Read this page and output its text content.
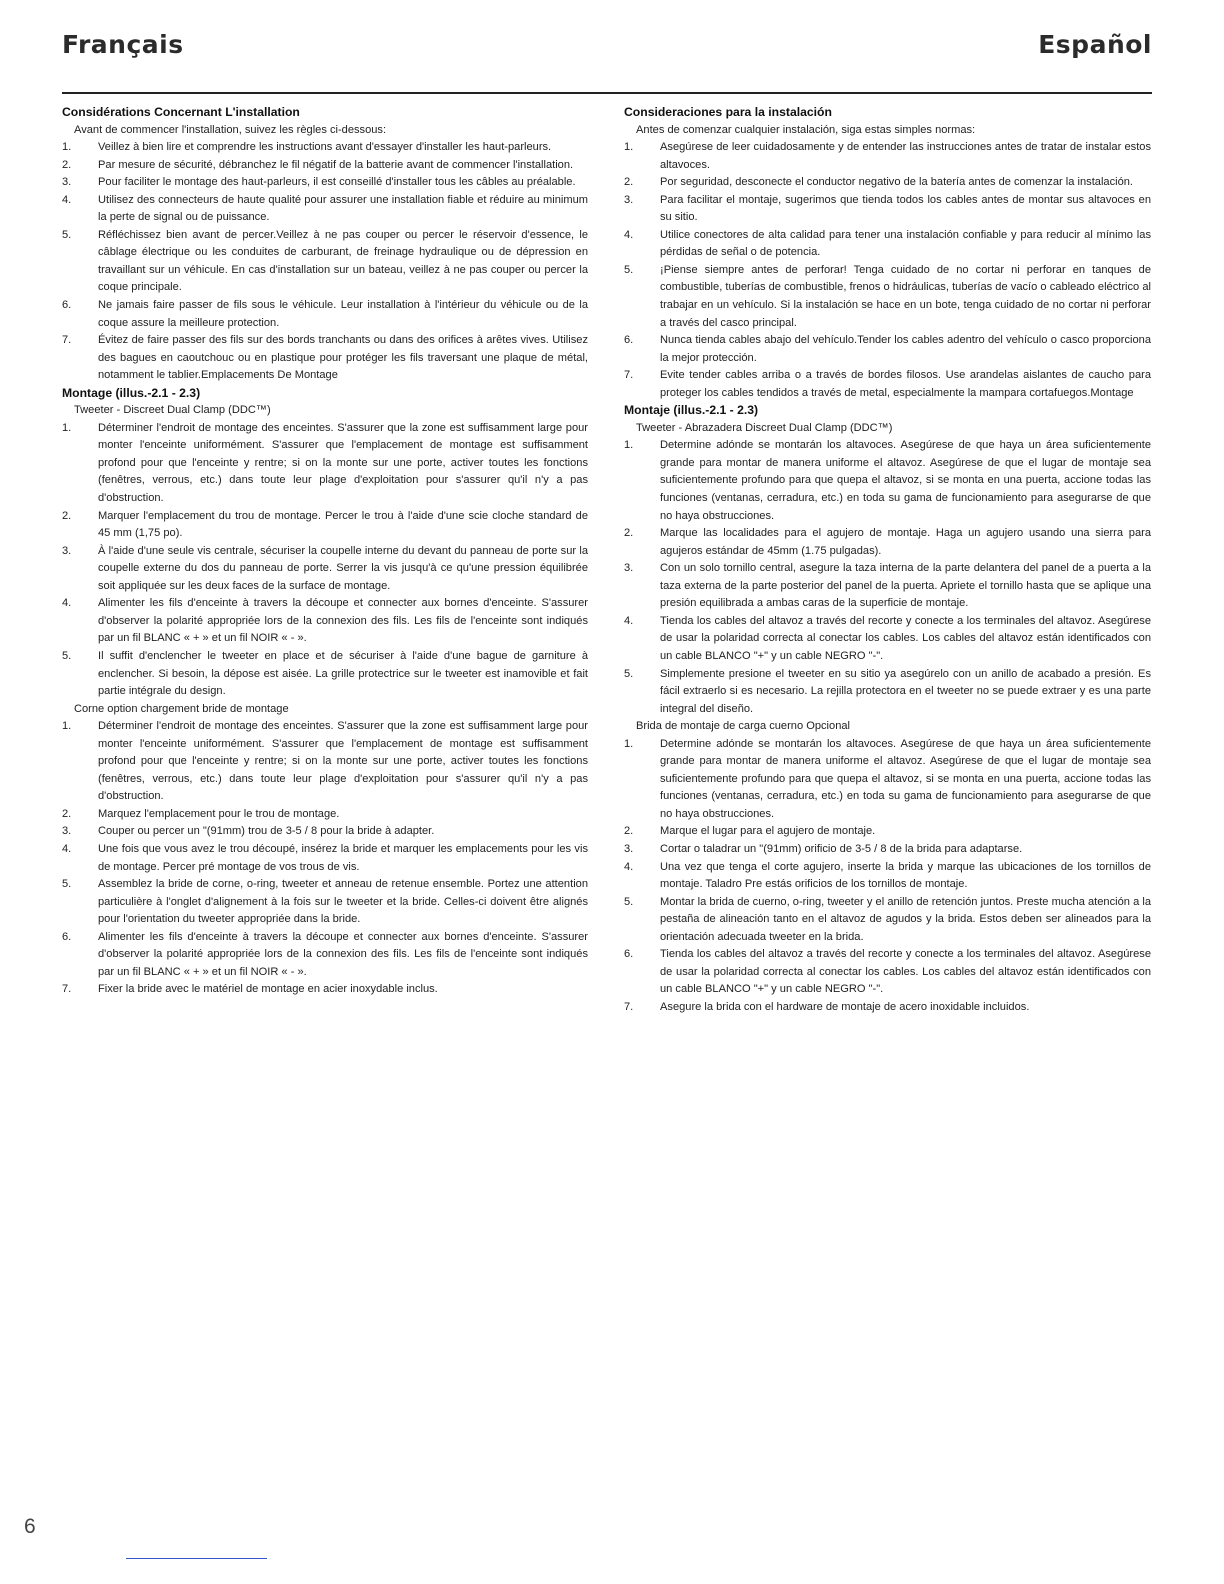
Français	Español
Considérations Concernant L'installation

Avant de commencer l'installation, suivez les règles ci-dessous:

1. Veillez à bien lire et comprendre les instructions avant d'essayer d'installer les haut-parleurs.
2. Par mesure de sécurité, débranchez le fil négatif de la batterie avant de commencer l'installation.
3. Pour faciliter le montage des haut-parleurs, il est conseillé d'installer tous les câbles au préalable.
4. Utilisez des connecteurs de haute qualité pour assurer une installation fiable et réduire au minimum la perte de signal ou de puissance.
5. Réfléchissez bien avant de percer.Veillez à ne pas couper ou percer le réservoir d'essence, le câblage électrique ou les conduites de carburant, de freinage hydraulique ou de dépression en travaillant sur un véhicule. En cas d'installation sur un bateau, veillez à ne pas couper ou percer la coque principale.
6. Ne jamais faire passer de fils sous le véhicule. Leur installation à l'intérieur du véhicule ou de la coque assure la meilleure protection.
7. Évitez de faire passer des fils sur des bords tranchants ou dans des orifices à arêtes vives. Utilisez des bagues en caoutchouc ou en plastique pour protéger les fils traversant une plaque de métal, notamment le tablier.Emplacements De Montage
Montage (illus.-2.1 - 2.3)

Tweeter - Discreet Dual Clamp (DDC™)

1. Déterminer l'endroit de montage des enceintes. S'assurer que la zone est suffisamment large pour monter l'enceinte uniformément. S'assurer que l'emplacement de montage est suffisamment profond pour que l'enceinte y rentre; si on la monte sur une porte, activer toutes les fonctions (fenêtres, verrous, etc.) dans toute leur plage d'exploitation pour s'assurer qu'il n'y a pas d'obstruction.
2. Marquer l'emplacement du trou de montage. Percer le trou à l'aide d'une scie cloche standard de 45 mm (1,75 po).
3. À l'aide d'une seule vis centrale, sécuriser la coupelle interne du devant du panneau de porte sur la coupelle externe du dos du panneau de porte. Serrer la vis jusqu'à ce qu'une pression équilibrée soit appliquée sur les deux faces de la surface de montage.
4. Alimenter les fils d'enceinte à travers la découpe et connecter aux bornes d'enceinte. S'assurer d'observer la polarité appropriée lors de la connexion des fils. Les fils de l'enceinte sont indiqués par un fil BLANC « + » et un fil NOIR « - ».
5. Il suffit d'enclencher le tweeter en place et de sécuriser à l'aide d'une bague de garniture à enclencher. Si besoin, la dépose est aisée. La grille protectrice sur le tweeter est inamovible et fait partie intégrale du design.

Corne option chargement bride de montage

1. Déterminer l'endroit de montage des enceintes. S'assurer que la zone est suffisamment large pour monter l'enceinte uniformément. S'assurer que l'emplacement de montage est suffisamment profond pour que l'enceinte y rentre; si on la monte sur une porte, activer toutes les fonctions (fenêtres, verrous, etc.) dans toute leur plage d'exploitation pour s'assurer qu'il n'y a pas d'obstruction.
2. Marquez l'emplacement pour le trou de montage.
3. Couper ou percer un "(91mm) trou de 3-5 / 8 pour la bride à adapter.
4. Une fois que vous avez le trou découpé, insérez la bride et marquer les emplacements pour les vis de montage. Percer pré montage de vos trous de vis.
5. Assemblez la bride de corne, o-ring, tweeter et anneau de retenue ensemble. Portez une attention particulière à l'onglet d'alignement à la fois sur le tweeter et la bride. Celles-ci doivent être alignés pour l'orientation du tweeter appropriée dans la bride.
6. Alimenter les fils d'enceinte à travers la découpe et connecter aux bornes d'enceinte. S'assurer d'observer la polarité appropriée lors de la connexion des fils. Les fils de l'enceinte sont indiqués par un fil BLANC « + » et un fil NOIR « - ».
7. Fixer la bride avec le matériel de montage en acier inoxydable inclus.
Consideraciones para la instalación

Antes de comenzar cualquier instalación, siga estas simples normas:

1. Asegúrese de leer cuidadosamente y de entender las instrucciones antes de tratar de instalar estos altavoces.
2. Por seguridad, desconecte el conductor negativo de la batería antes de comenzar la instalación.
3. Para facilitar el montaje, sugerimos que tienda todos los cables antes de montar sus altavoces en su sitio.
4. Utilice conectores de alta calidad para tener una instalación confiable y para reducir al mínimo las pérdidas de señal o de potencia.
5. ¡Piense siempre antes de perforar! Tenga cuidado de no cortar ni perforar en tanques de combustible, tuberías de combustible, frenos o hidráulicas, tuberías de vacío o cableado eléctrico al trabajar en un vehículo. Si la instalación se hace en un bote, tenga cuidado de no cortar ni perforar a través del casco principal.
6. Nunca tienda cables abajo del vehículo.Tender los cables adentro del vehículo o casco proporciona la mejor protección.
7. Evite tender cables arriba o a través de bordes filosos. Use arandelas aislantes de caucho para proteger los cables tendidos a través de metal, especialmente la mampara cortafuegos.Montage
Montaje (illus.-2.1 - 2.3)

Tweeter - Abrazadera Discreet Dual Clamp (DDC™)

1. Determine adónde se montarán los altavoces. Asegúrese de que haya un área suficientemente grande para montar de manera uniforme el altavoz. Asegúrese de que el lugar de montaje sea suficientemente profundo para que quepa el altavoz, si se monta en una puerta, accione todas las funciones (ventanas, cerradura, etc.) en toda su gama de funcionamiento para asegurarse de que no haya obstrucciones.
2. Marque las localidades para el agujero de montaje. Haga un agujero usando una sierra para agujeros estándar de 45mm (1.75 pulgadas).
3. Con un solo tornillo central, asegure la taza interna de la parte delantera del panel de a puerta a la taza externa de la parte posterior del panel de la puerta. Apriete el tornillo hasta que se aplique una presión equilibrada a ambas caras de la superficie de montaje.
4. Tienda los cables del altavoz a través del recorte y conecte a los terminales del altavoz. Asegúrese de usar la polaridad correcta al conectar los cables. Los cables del altavoz están identificados con un cable BLANCO "+" y un cable NEGRO "-".
5. Simplemente presione el tweeter en su sitio ya asegúrelo con un anillo de acabado a presión. Es fácil extraerlo si es necesario. La rejilla protectora en el tweeter no se puede extraer y es una parte integral del diseño.

Brida de montaje de carga cuerno Opcional

1. Determine adónde se montarán los altavoces. Asegúrese de que haya un área suficientemente grande para montar de manera uniforme el altavoz. Asegúrese de que el lugar de montaje sea suficientemente profundo para que quepa el altavoz, si se monta en una puerta, accione todas las funciones (ventanas, cerradura, etc.) en toda su gama de funcionamiento para asegurarse de que no haya obstrucciones.
2. Marque el lugar para el agujero de montaje.
3. Cortar o taladrar un "(91mm) orificio de 3-5 / 8 de la brida para adaptarse.
4. Una vez que tenga el corte agujero, inserte la brida y marque las ubicaciones de los tornillos de montaje. Taladro Pre estás orificios de los tornillos de montaje.
5. Montar la brida de cuerno, o-ring, tweeter y el anillo de retención juntos. Preste mucha atención a la pestaña de alineación tanto en el altavoz de agudos y la brida. Estos deben ser alineados para la orientación adecuada tweeter en la brida.
6. Tienda los cables del altavoz a través del recorte y conecte a los terminales del altavoz. Asegúrese de usar la polaridad correcta al conectar los cables. Los cables del altavoz están identificados con un cable BLANCO "+" y un cable NEGRO "-".
7. Asegure la brida con el hardware de montaje de acero inoxidable incluidos.
6
